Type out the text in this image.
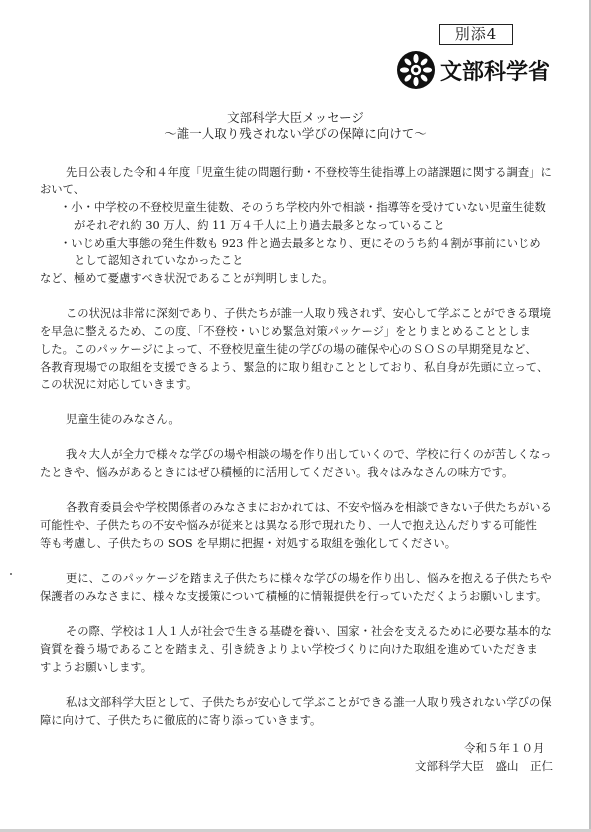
別添4
文部科学省
文部科学大臣メッセージ
～誰一人取り残されない学びの保障に向けて～
先日公表した令和４年度「児童生徒の問題行動・不登校等生徒指導上の諸課題に関する調査」に
おいて、
・小・中学校の不登校児童生徒数、そのうち学校内外で相談・指導等を受けていない児童生徒数
がそれぞれ約 30 万人、約 11 万４千人に上り過去最多となっていること
・いじめ重大事態の発生件数も 923 件と過去最多となり、更にそのうち約４割が事前にいじめ
として認知されていなかったこと
など、極めて憂慮すべき状況であることが判明しました。
この状況は非常に深刻であり、子供たちが誰一人取り残されず、安心して学ぶことができる環境
を早急に整えるため、この度、「不登校・いじめ緊急対策パッケージ」をとりまとめることとしま
した。このパッケージによって、不登校児童生徒の学びの場の確保や心のＳＯＳの早期発見など、
各教育現場での取組を支援できるよう、緊急的に取り組むこととしており、私自身が先頭に立って、
この状況に対応していきます。
児童生徒のみなさん。
我々大人が全力で様々な学びの場や相談の場を作り出していくので、学校に行くのが苦しくなっ
たときや、悩みがあるときにはぜひ積極的に活用してください。我々はみなさんの味方です。
各教育委員会や学校関係者のみなさまにおかれては、不安や悩みを相談できない子供たちがいる
可能性や、子供たちの不安や悩みが従来とは異なる形で現れたり、一人で抱え込んだりする可能性
等も考慮し、子供たちの SOS を早期に把握・対処する取組を強化してください。
更に、このパッケージを踏まえ子供たちに様々な学びの場を作り出し、悩みを抱える子供たちや
保護者のみなさまに、様々な支援策について積極的に情報提供を行っていただくようお願いします。
その際、学校は１人１人が社会で生きる基礎を養い、国家・社会を支えるために必要な基本的な
資質を養う場であることを踏まえ、引き続きよりよい学校づくりに向けた取組を進めていただきま
すようお願いします。
私は文部科学大臣として、子供たちが安心して学ぶことができる誰一人取り残されない学びの保
障に向けて、子供たちに徹底的に寄り添っていきます。
令和５年１０月
文部科学大臣　盛山　正仁
